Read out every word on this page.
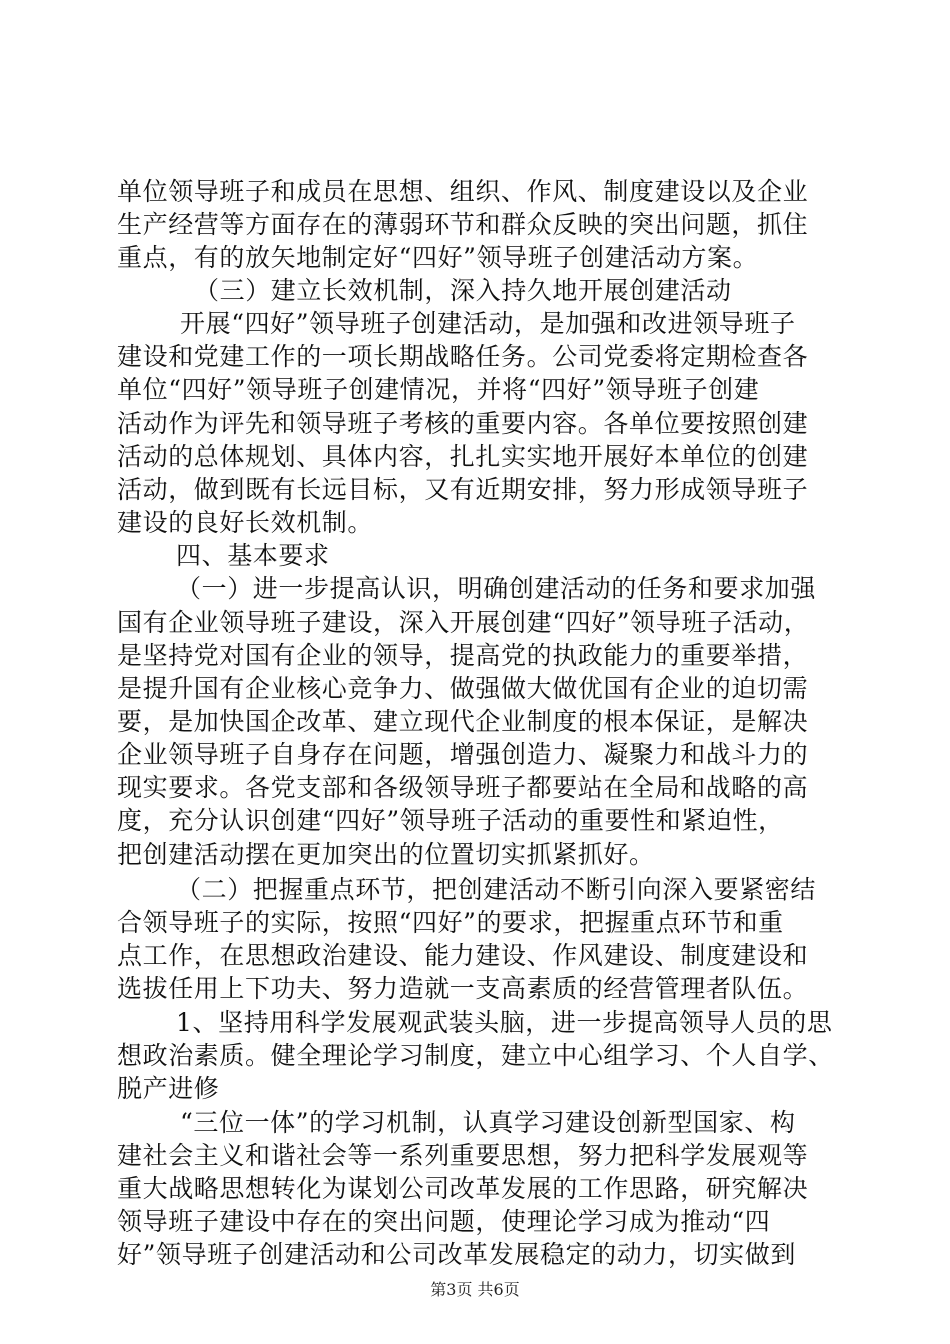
单位领导班子和成员在思想、组织、作风、制度建设以及企业
生产经营等方面存在的薄弱环节和群众反映的突出问题，抓住
重点，有的放矢地制定好“四好”领导班子创建活动方案。
（三）建立长效机制，深入持久地开展创建活动
开展“四好”领导班子创建活动，是加强和改进领导班子
建设和党建工作的一项长期战略任务。公司党委将定期检查各
单位“四好”领导班子创建情况，并将“四好”领导班子创建
活动作为评先和领导班子考核的重要内容。各单位要按照创建
活动的总体规划、具体内容，扎扎实实地开展好本单位的创建
活动，做到既有长远目标，又有近期安排，努力形成领导班子
建设的良好长效机制。
四、基本要求
（一）进一步提高认识，明确创建活动的任务和要求加强
国有企业领导班子建设，深入开展创建“四好”领导班子活动，
是坚持党对国有企业的领导，提高党的执政能力的重要举措，
是提升国有企业核心竞争力、做强做大做优国有企业的迫切需
要，是加快国企改革、建立现代企业制度的根本保证，是解决
企业领导班子自身存在问题，增强创造力、凝聚力和战斗力的
现实要求。各党支部和各级领导班子都要站在全局和战略的高
度，充分认识创建“四好”领导班子活动的重要性和紧迫性，
把创建活动摆在更加突出的位置切实抓紧抓好。
（二）把握重点环节，把创建活动不断引向深入要紧密结
合领导班子的实际，按照“四好”的要求，把握重点环节和重
点工作，在思想政治建设、能力建设、作风建设、制度建设和
选拔任用上下功夫、努力造就一支高素质的经营管理者队伍。
1、坚持用科学发展观武装头脑，进一步提高领导人员的思
想政治素质。健全理论学习制度，建立中心组学习、个人自学、
脱产进修
“三位一体”的学习机制，认真学习建设创新型国家、构
建社会主义和谐社会等一系列重要思想，努力把科学发展观等
重大战略思想转化为谋划公司改革发展的工作思路，研究解决
领导班子建设中存在的突出问题，使理论学习成为推动“四
好”领导班子创建活动和公司改革发展稳定的动力，切实做到
第3页 共6页
